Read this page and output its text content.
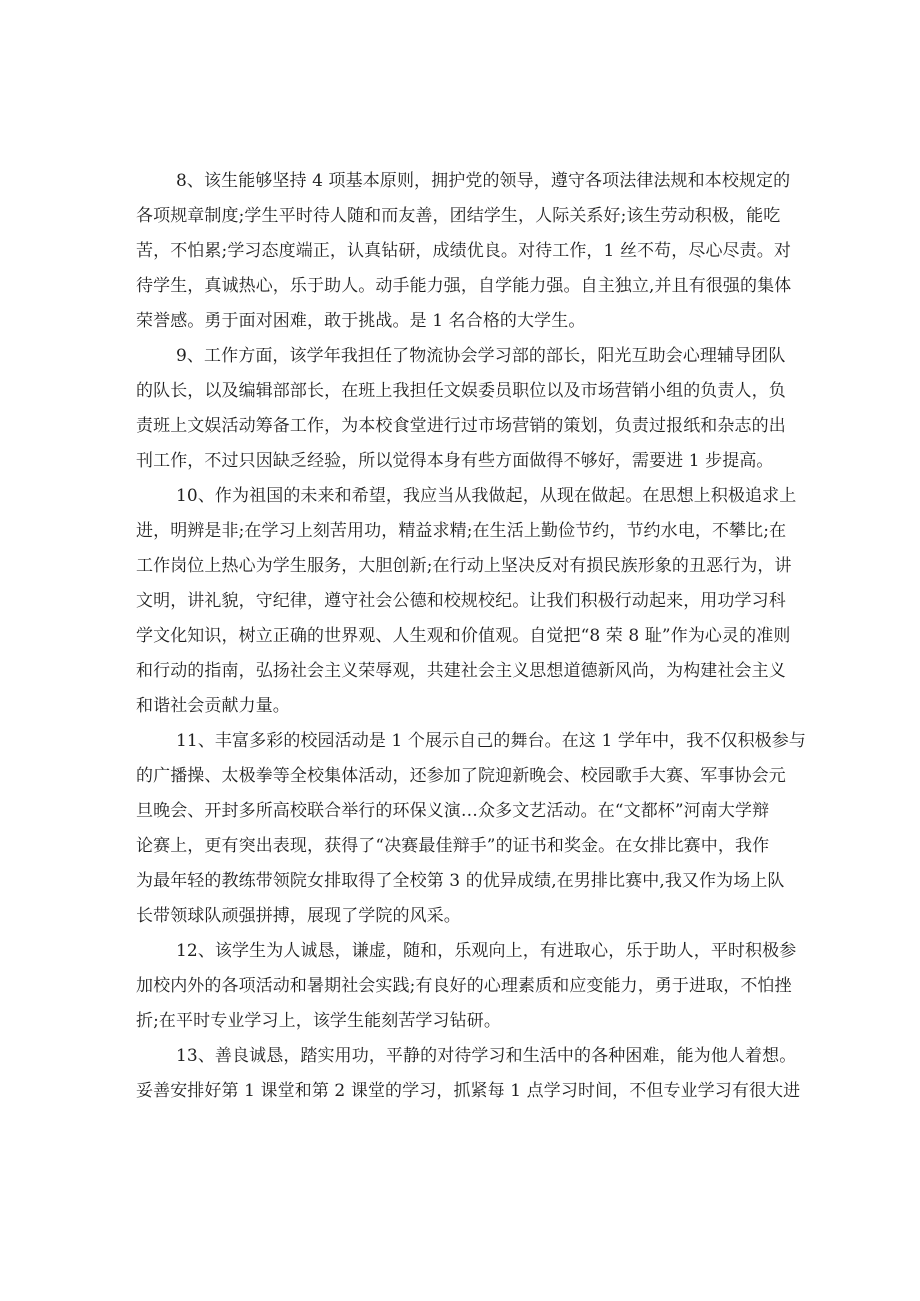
8、该生能够坚持 4 项基本原则，拥护党的领导，遵守各项法律法规和本校规定的
各项规章制度;学生平时待人随和而友善，团结学生，人际关系好;该生劳动积极，能吃
苦，不怕累;学习态度端正，认真钻研，成绩优良。对待工作，1 丝不苟，尽心尽责。对
待学生，真诚热心，乐于助人。动手能力强，自学能力强。自主独立,并且有很强的集体
荣誉感。勇于面对困难，敢于挑战。是 1 名合格的大学生。
9、工作方面，该学年我担任了物流协会学习部的部长，阳光互助会心理辅导团队
的队长，以及编辑部部长，在班上我担任文娱委员职位以及市场营销小组的负责人，负
责班上文娱活动筹备工作，为本校食堂进行过市场营销的策划，负责过报纸和杂志的出
刊工作，不过只因缺乏经验，所以觉得本身有些方面做得不够好，需要进 1 步提高。
10、作为祖国的未来和希望，我应当从我做起，从现在做起。在思想上积极追求上
进，明辨是非;在学习上刻苦用功，精益求精;在生活上勤俭节约，节约水电，不攀比;在
工作岗位上热心为学生服务，大胆创新;在行动上坚决反对有损民族形象的丑恶行为，讲
文明，讲礼貌，守纪律，遵守社会公德和校规校纪。让我们积极行动起来，用功学习科
学文化知识，树立正确的世界观、人生观和价值观。自觉把“8 荣 8 耻”作为心灵的准则
和行动的指南，弘扬社会主义荣辱观，共建社会主义思想道德新风尚，为构建社会主义
和谐社会贡献力量。
11、丰富多彩的校园活动是 1 个展示自己的舞台。在这 1 学年中，我不仅积极参与
的广播操、太极拳等全校集体活动，还参加了院迎新晚会、校园歌手大赛、军事协会元
旦晚会、开封多所高校联合举行的环保义演…众多文艺活动。在“文都杯”河南大学辩
论赛上，更有突出表现，获得了“决赛最佳辩手”的证书和奖金。在女排比赛中，我作
为最年轻的教练带领院女排取得了全校第 3 的优异成绩,在男排比赛中,我又作为场上队
长带领球队顽强拼搏，展现了学院的风采。
12、该学生为人诚恳，谦虚，随和，乐观向上，有进取心，乐于助人，平时积极参
加校内外的各项活动和暑期社会实践;有良好的心理素质和应变能力，勇于进取，不怕挫
折;在平时专业学习上，该学生能刻苦学习钻研。
13、善良诚恳，踏实用功，平静的对待学习和生活中的各种困难，能为他人着想。
妥善安排好第 1 课堂和第 2 课堂的学习，抓紧每 1 点学习时间，不但专业学习有很大进
